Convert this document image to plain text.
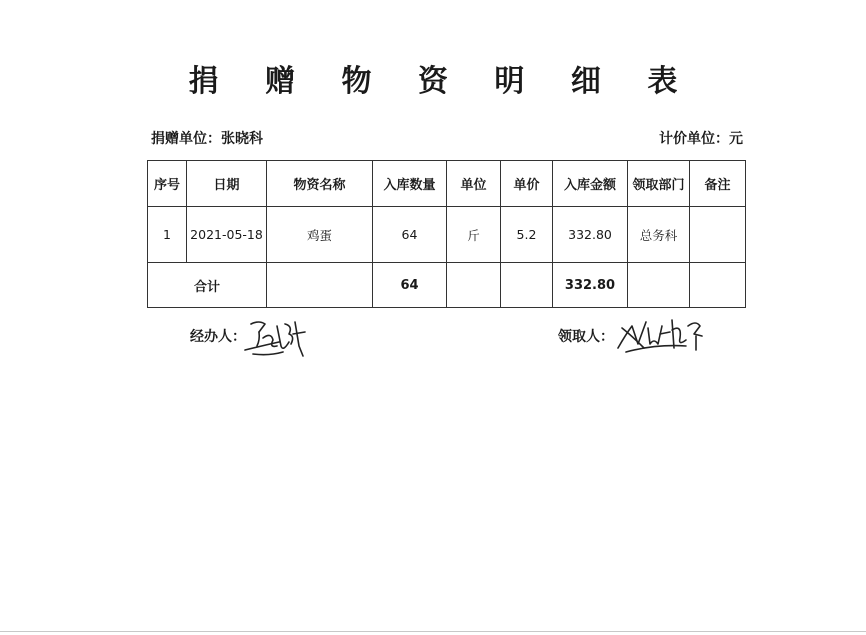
捐 赠 物 资 明 细 表
捐赠单位：张晓科	计价单位：元
序号	日期	物资名称	入库数量	单位	单价	入库金额	领取部门	备注
1	2021-05-18	鸡蛋	64	斤	5.2	332.80	总务科	
合计			64			332.80		
经办人：	领取人：
